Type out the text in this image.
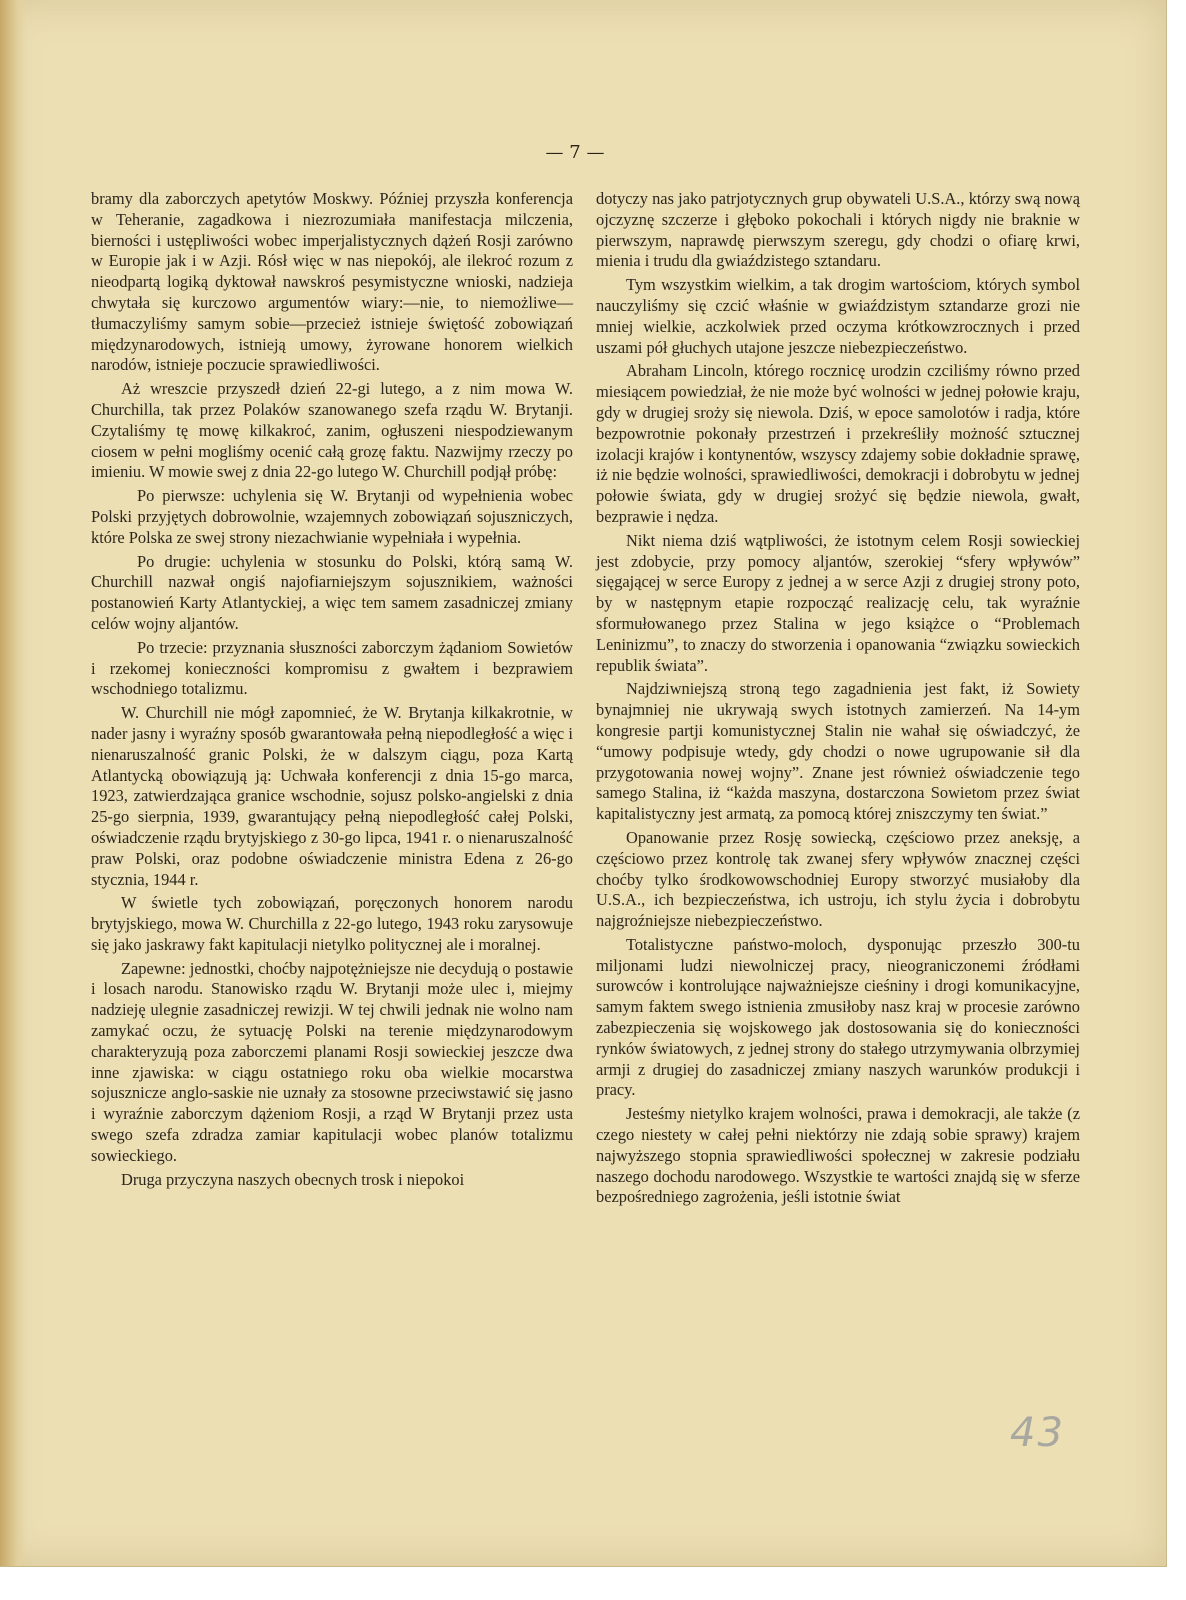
— 7 —

bramy dla zaborczych apetytów Moskwy. Później przyszła konferencja w Teheranie, zagadkowa i niezrozumiała manifestacja milczenia, bierności i ustępliwości wobec imperjalistycznych dążeń Rosji zarówno w Europie jak i w Azji. Rósł więc w nas niepokój, ale ilekroć rozum z nieodpartą logiką dyktował nawskroś pesymistyczne wnioski, nadzieja chwytała się kurczowo argumentów wiary:—nie, to niemożliwe—tłumaczyliśmy samym sobie—przecież istnieje świętość zobowiązań międzynarodowych, istnieją umowy, żyrowane honorem wielkich narodów, istnieje poczucie sprawiedliwości.

Aż wreszcie przyszedł dzień 22-gi lutego, a z nim mowa W. Churchilla, tak przez Polaków szanowanego szefa rządu W. Brytanji. Czytaliśmy tę mowę kilkakroć, zanim, ogłuszeni niespodziewanym ciosem w pełni mogliśmy ocenić całą grozę faktu. Nazwijmy rzeczy po imieniu. W mowie swej z dnia 22-go lutego W. Churchill podjął próbę:

Po pierwsze: uchylenia się W. Brytanji od wypełnienia wobec Polski przyjętych dobrowolnie, wzajemnych zobowiązań sojuszniczych, które Polska ze swej strony niezachwianie wypełniała i wypełnia.

Po drugie: uchylenia w stosunku do Polski, którą samą W. Churchill nazwał ongiś najofiarniejszym sojusznikiem, ważności postanowień Karty Atlantyckiej, a więc tem samem zasadniczej zmiany celów wojny aljantów.

Po trzecie: przyznania słuszności zaborczym żądaniom Sowietów i rzekomej konieczności kompromisu z gwałtem i bezprawiem wschodniego totalizmu.

W. Churchill nie mógł zapomnieć, że W. Brytanja kilkakrotnie, w nader jasny i wyraźny sposób gwarantowała pełną niepodległość a więc i nienaruszalność granic Polski, że w dalszym ciągu, poza Kartą Atlantycką obowiązują ją: Uchwała konferencji z dnia 15-go marca, 1923, zatwierdzająca granice wschodnie, sojusz polsko-angielski z dnia 25-go sierpnia, 1939, gwarantujący pełną niepodległość całej Polski, oświadczenie rządu brytyjskiego z 30-go lipca, 1941 r. o nienaruszalność praw Polski, oraz podobne oświadczenie ministra Edena z 26-go stycznia, 1944 r.

W świetle tych zobowiązań, poręczonych honorem narodu brytyjskiego, mowa W. Churchilla z 22-go lutego, 1943 roku zarysowuje się jako jaskrawy fakt kapitulacji nietylko politycznej ale i moralnej.

Zapewne: jednostki, choćby najpotężniejsze nie decydują o postawie i losach narodu. Stanowisko rządu W. Brytanji może ulec i, miejmy nadzieję ulegnie zasadniczej rewizji. W tej chwili jednak nie wolno nam zamykać oczu, że sytuację Polski na terenie międzynarodowym charakteryzują poza zaborczemi planami Rosji sowieckiej jeszcze dwa inne zjawiska: w ciągu ostatniego roku oba wielkie mocarstwa sojusznicze anglo-saskie nie uznały za stosowne przeciwstawić się jasno i wyraźnie zaborczym dążeniom Rosji, a rząd W Brytanji przez usta swego szefa zdradza zamiar kapitulacji wobec planów totalizmu sowieckiego.

Druga przyczyna naszych obecnych trosk i niepokoi

dotyczy nas jako patrjotycznych grup obywateli U.S.A., którzy swą nową ojczyznę szczerze i głęboko pokochali i których nigdy nie braknie w pierwszym, naprawdę pierwszym szeregu, gdy chodzi o ofiarę krwi, mienia i trudu dla gwiaździstego sztandaru.

Tym wszystkim wielkim, a tak drogim wartościom, których symbol nauczyliśmy się czcić właśnie w gwiaździstym sztandarze grozi nie mniej wielkie, aczkolwiek przed oczyma krótkowzrocznych i przed uszami pół głuchych utajone jeszcze niebezpieczeństwo.

Abraham Lincoln, którego rocznicę urodzin czciliśmy równo przed miesiącem powiedział, że nie może być wolności w jednej połowie kraju, gdy w drugiej sroży się niewola. Dziś, w epoce samolotów i radja, które bezpowrotnie pokonały przestrzeń i przekreśliły możność sztucznej izolacji krajów i kontynentów, wszyscy zdajemy sobie dokładnie sprawę, iż nie będzie wolności, sprawiedliwości, demokracji i dobrobytu w jednej połowie świata, gdy w drugiej srożyć się będzie niewola, gwałt, bezprawie i nędza.

Nikt niema dziś wątpliwości, że istotnym celem Rosji sowieckiej jest zdobycie, przy pomocy aljantów, szerokiej “sfery wpływów” sięgającej w serce Europy z jednej a w serce Azji z drugiej strony poto, by w następnym etapie rozpocząć realizację celu, tak wyraźnie sformułowanego przez Stalina w jego książce o “Problemach Leninizmu”, to znaczy do stworzenia i opanowania “związku sowieckich republik świata”.

Najdziwniejszą stroną tego zagadnienia jest fakt, iż Sowiety bynajmniej nie ukrywają swych istotnych zamierzeń. Na 14-ym kongresie partji komunistycznej Stalin nie wahał się oświadczyć, że “umowy podpisuje wtedy, gdy chodzi o nowe ugrupowanie sił dla przygotowania nowej wojny”. Znane jest również oświadczenie tego samego Stalina, iż “każda maszyna, dostarczona Sowietom przez świat kapitalistyczny jest armatą, za pomocą której zniszczymy ten świat.”

Opanowanie przez Rosję sowiecką, częściowo przez aneksję, a częściowo przez kontrolę tak zwanej sfery wpływów znacznej części choćby tylko środkowowschodniej Europy stworzyć musiałoby dla U.S.A., ich bezpieczeństwa, ich ustroju, ich stylu życia i dobrobytu najgroźniejsze niebezpieczeństwo.

Totalistyczne państwo-moloch, dysponując przeszło 300-tu miljonami ludzi niewolniczej pracy, nieograniczonemi źródłami surowców i kontrolujące najważniejsze cieśniny i drogi komunikacyjne, samym faktem swego istnienia zmusiłoby nasz kraj w procesie zarówno zabezpieczenia się wojskowego jak dostosowania się do konieczności rynków światowych, z jednej strony do stałego utrzymywania olbrzymiej armji z drugiej do zasadniczej zmiany naszych warunków produkcji i pracy.

Jesteśmy nietylko krajem wolności, prawa i demokracji, ale także (z czego niestety w całej pełni niektórzy nie zdają sobie sprawy) krajem najwyższego stopnia sprawiedliwości społecznej w zakresie podziału naszego dochodu narodowego. Wszystkie te wartości znajdą się w sferze bezpośredniego zagrożenia, jeśli istotnie świat

43
